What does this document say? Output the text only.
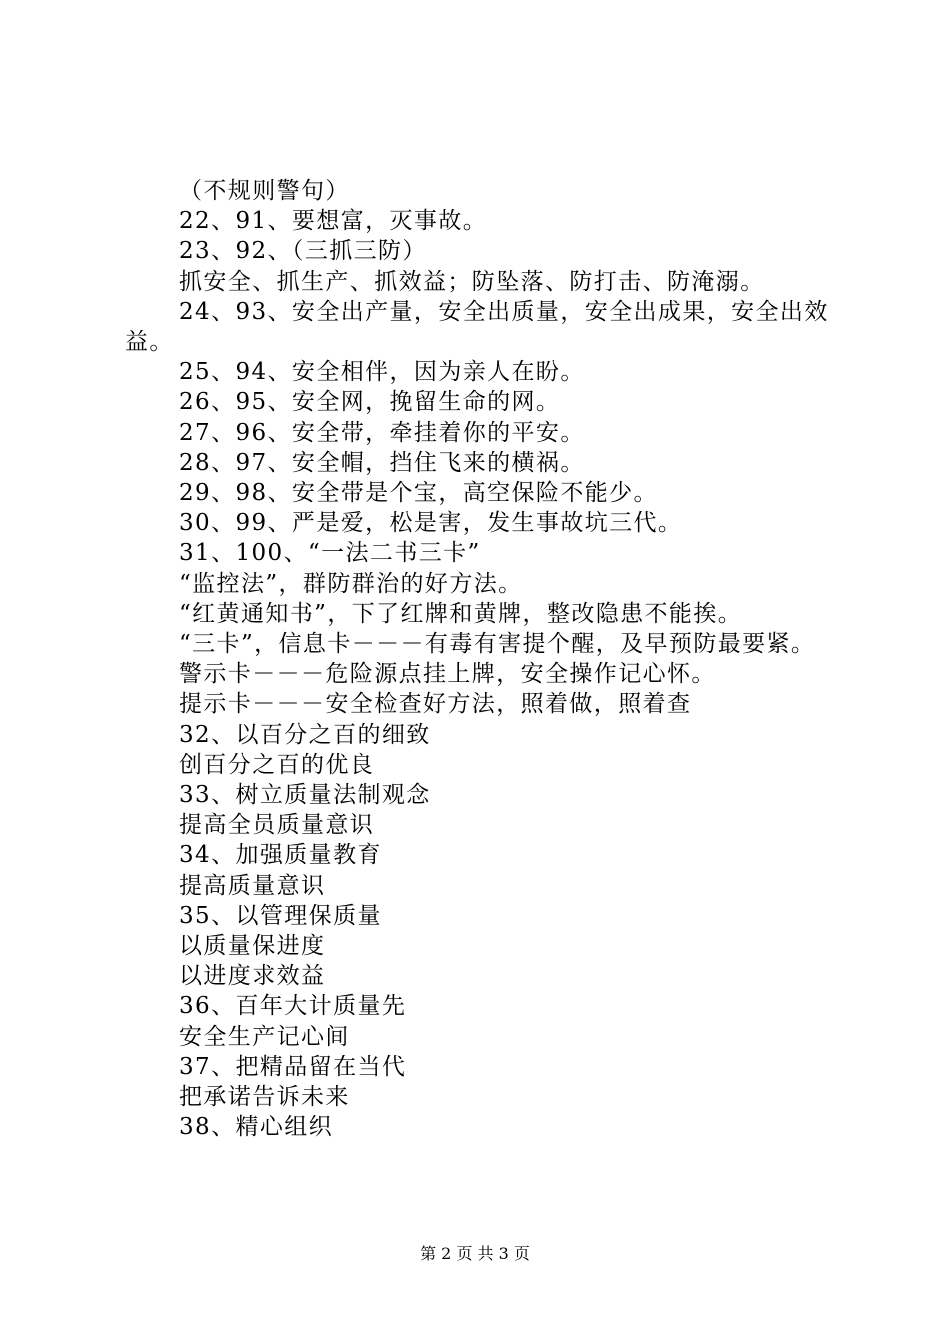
（不规则警句）
22、91、要想富，灭事故。
23、92、（三抓三防）
抓安全、抓生产、抓效益；防坠落、防打击、防淹溺。
24、93、安全出产量，安全出质量，安全出成果，安全出效益。
25、94、安全相伴，因为亲人在盼。
26、95、安全网，挽留生命的网。
27、96、安全带，牵挂着你的平安。
28、97、安全帽，挡住飞来的横祸。
29、98、安全带是个宝，高空保险不能少。
30、99、严是爱，松是害，发生事故坑三代。
31、100、“一法二书三卡”
“监控法”，群防群治的好方法。
“红黄通知书”，下了红牌和黄牌，整改隐患不能挨。
“三卡”，信息卡－－－有毒有害提个醒，及早预防最要紧。
警示卡－－－危险源点挂上牌，安全操作记心怀。
提示卡－－－安全检查好方法，照着做，照着查
32、以百分之百的细致
创百分之百的优良
33、树立质量法制观念
提高全员质量意识
34、加强质量教育
提高质量意识
35、以管理保质量
以质量保进度
以进度求效益
36、百年大计质量先
安全生产记心间
37、把精品留在当代
把承诺告诉未来
38、精心组织
第 2 页 共 3 页
